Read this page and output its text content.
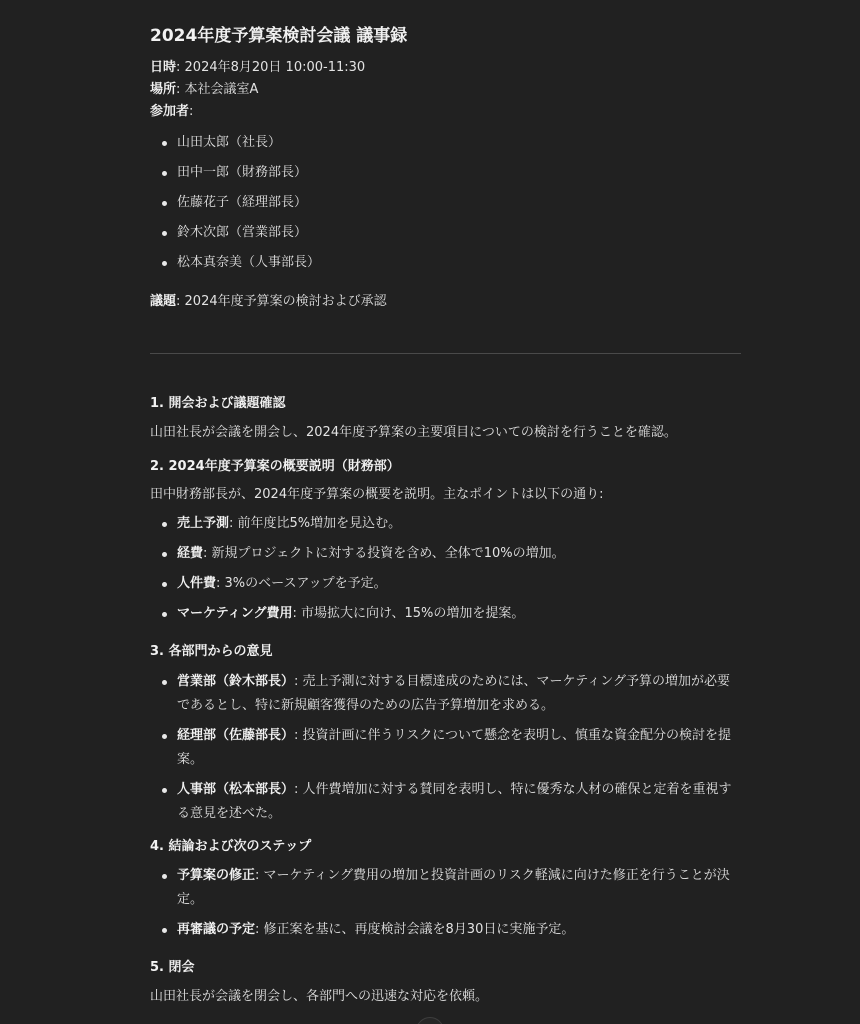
2024年度予算案検討会議 議事録
日時: 2024年8月20日 10:00-11:30
場所: 本社会議室A
参加者:
山田太郎（社長）
田中一郎（財務部長）
佐藤花子（経理部長）
鈴木次郎（営業部長）
松本真奈美（人事部長）
議題: 2024年度予算案の検討および承認
1. 開会および議題確認
山田社長が会議を開会し、2024年度予算案の主要項目についての検討を行うことを確認。
2. 2024年度予算案の概要説明（財務部）
田中財務部長が、2024年度予算案の概要を説明。主なポイントは以下の通り:
売上予測: 前年度比5%増加を見込む。
経費: 新規プロジェクトに対する投資を含め、全体で10%の増加。
人件費: 3%のベースアップを予定。
マーケティング費用: 市場拡大に向け、15%の増加を提案。
3. 各部門からの意見
営業部（鈴木部長）: 売上予測に対する目標達成のためには、マーケティング予算の増加が必要であるとし、特に新規顧客獲得のための広告予算増加を求める。
経理部（佐藤部長）: 投資計画に伴うリスクについて懸念を表明し、慎重な資金配分の検討を提案。
人事部（松本部長）: 人件費増加に対する賛同を表明し、特に優秀な人材の確保と定着を重視する意見を述べた。
4. 結論および次のステップ
予算案の修正: マーケティング費用の増加と投資計画のリスク軽減に向けた修正を行うことが決定。
再審議の予定: 修正案を基に、再度検討会議を8月30日に実施予定。
5. 閉会
山田社長が会議を閉会し、各部門への迅速な対応を依頼。
